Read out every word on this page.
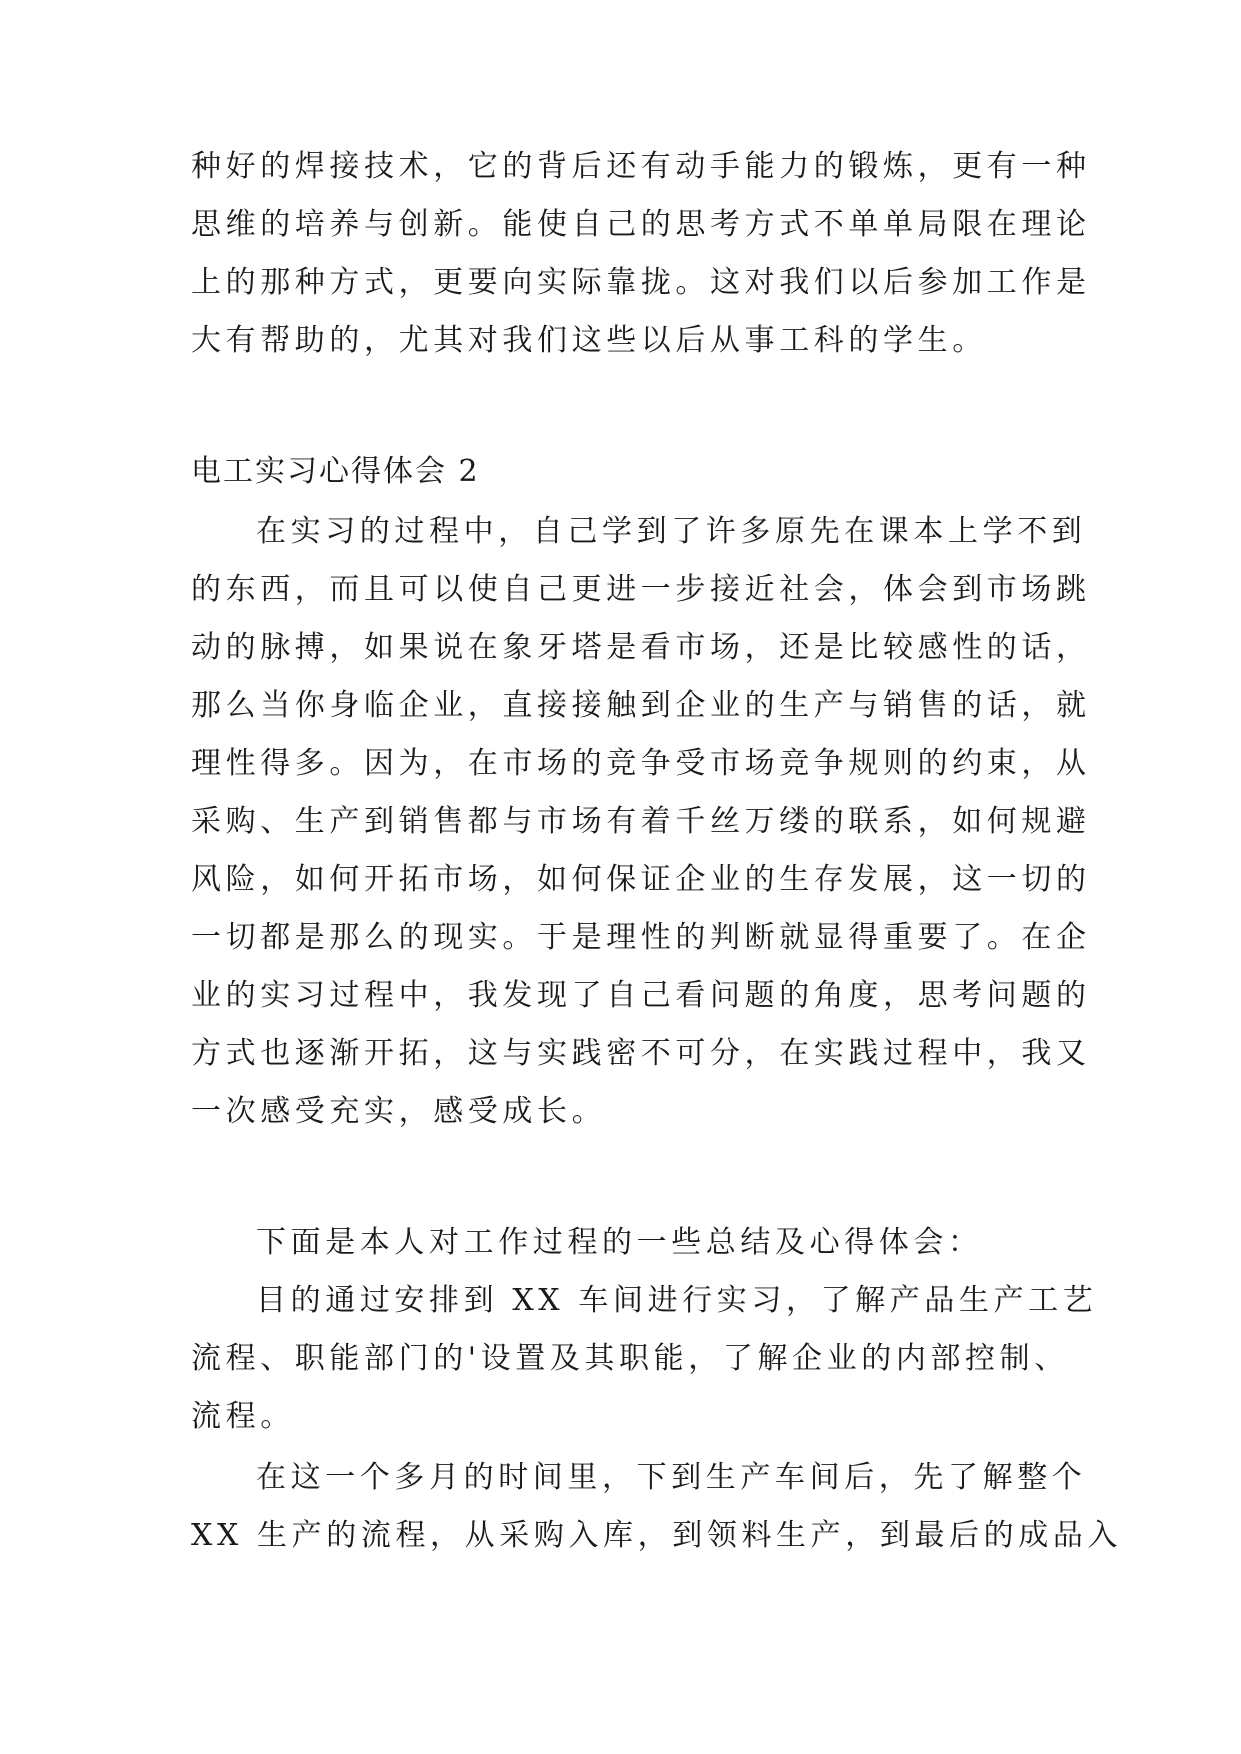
种好的焊接技术，它的背后还有动手能力的锻炼，更有一种
思维的培养与创新。能使自己的思考方式不单单局限在理论
上的那种方式，更要向实际靠拢。这对我们以后参加工作是
大有帮助的，尤其对我们这些以后从事工科的学生。
电工实习心得体会 2
在实习的过程中，自己学到了许多原先在课本上学不到
的东西，而且可以使自己更进一步接近社会，体会到市场跳
动的脉搏，如果说在象牙塔是看市场，还是比较感性的话，
那么当你身临企业，直接接触到企业的生产与销售的话，就
理性得多。因为，在市场的竞争受市场竞争规则的约束，从
采购、生产到销售都与市场有着千丝万缕的联系，如何规避
风险，如何开拓市场，如何保证企业的生存发展，这一切的
一切都是那么的现实。于是理性的判断就显得重要了。在企
业的实习过程中，我发现了自己看问题的角度，思考问题的
方式也逐渐开拓，这与实践密不可分，在实践过程中，我又
一次感受充实，感受成长。
下面是本人对工作过程的一些总结及心得体会：
目的通过安排到 XX 车间进行实习，了解产品生产工艺
流程、职能部门的'设置及其职能，了解企业的内部控制、
流程。
在这一个多月的时间里，下到生产车间后，先了解整个
XX 生产的流程，从采购入库，到领料生产，到最后的成品入
